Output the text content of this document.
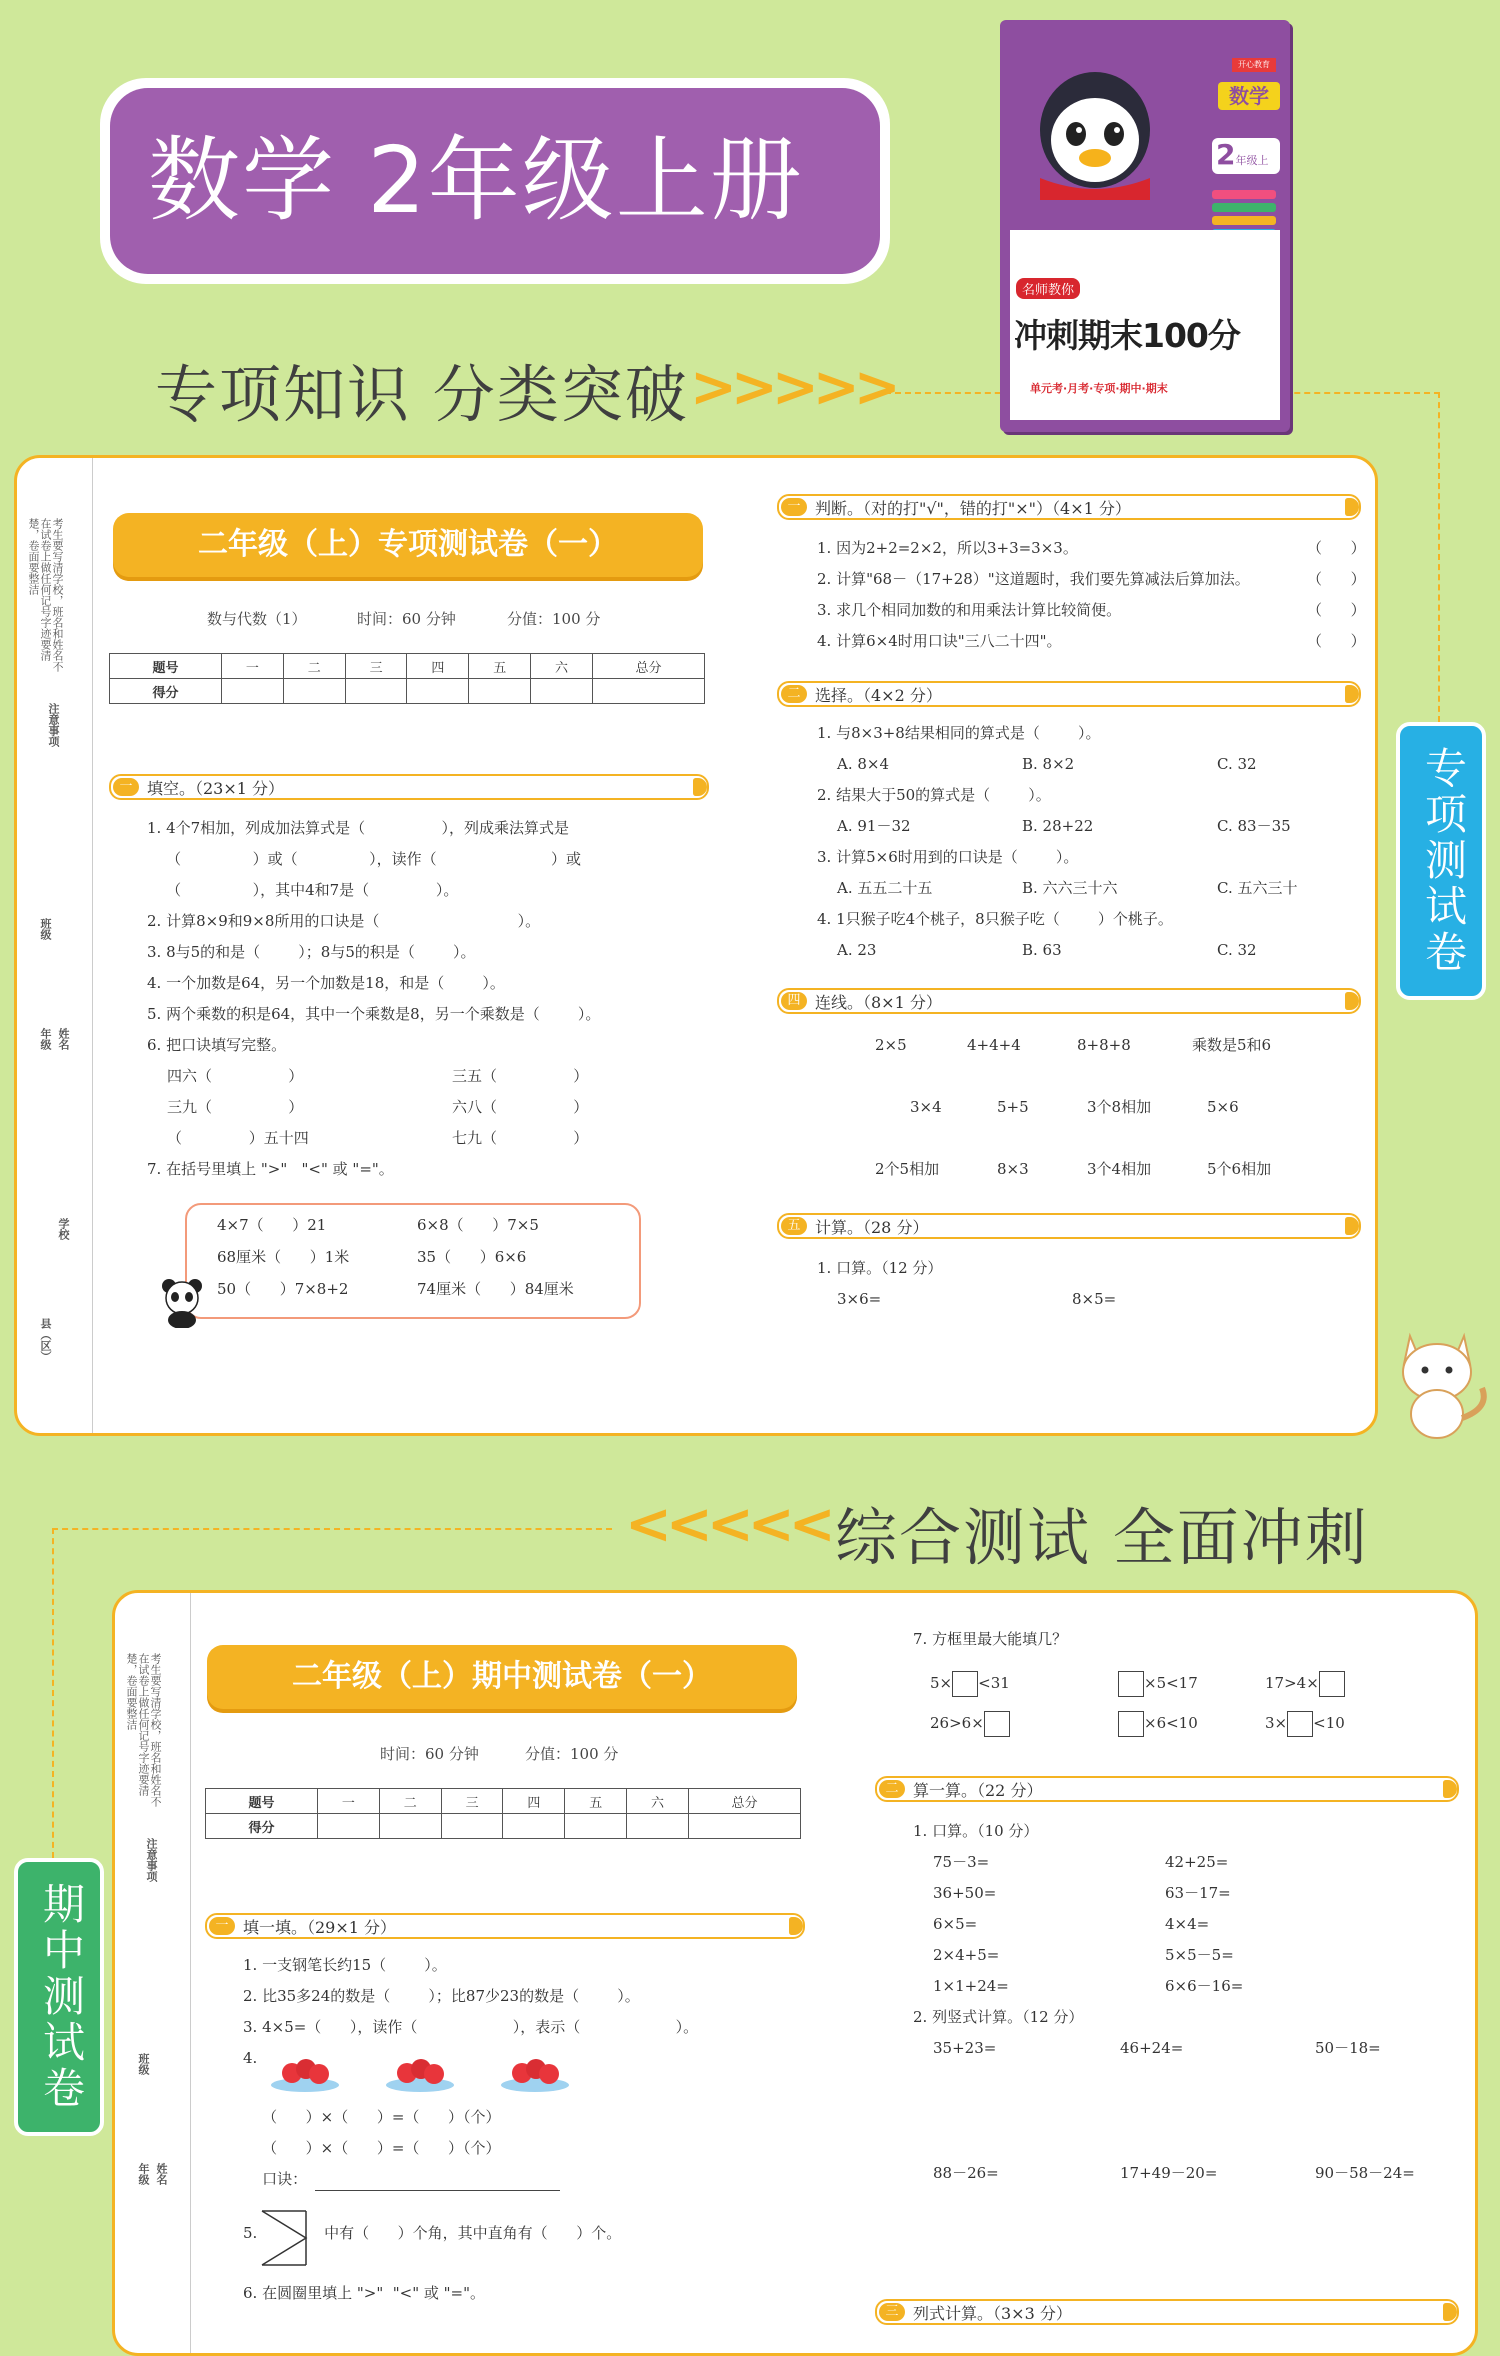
数学 2年级上册
专项知识 分类突破 >>>>>
开心教育
数学
2年级上
名师教你
冲刺期末100分
单元考·月考·专项·期中·期末
考生要写清学校，班名和姓名不在试卷上做任何记号字迹要清楚，卷面要整洁
注意事项
班级
年级 姓名
学校
县（区）
二年级（上）专项测试卷（一）
数与代数（1）	时间：60 分钟	分值：100 分
题号	一	二	三	四	五	六	总分
得分							
一 填空。（23×1 分）
1. 4个7相加，列成加法算式是（                ），列成乘法算式是
（               ）或（               ），读作（                        ）或
（               ），其中4和7是（              ）。
2. 计算8×9和9×8所用的口诀是（                             ）。
3. 8与5的和是（        ）；8与5的积是（        ）。
4. 一个加数是64，另一个加数是18，和是（        ）。
5. 两个乘数的积是64，其中一个乘数是8，另一个乘数是（        ）。
6. 把口诀填写完整。
四六（                ）	三五（                ）
三九（                ）	六八（                ）
（              ）五十四	七九（                ）
7. 在括号里填上 ">"   "<" 或 "="。
4×7（      ）21	6×8（      ）7×5
68厘米（      ）1米	35（      ）6×6
50（      ）7×8+2	74厘米（      ）84厘米
一 判断。（对的打"√"，错的打"×"）（4×1 分）
1. 因为2+2=2×2，所以3+3=3×3。	（      ）
2. 计算"68－（17+28）"这道题时，我们要先算减法后算加法。	（      ）
3. 求几个相同加数的和用乘法计算比较简便。	（      ）
4. 计算6×4时用口诀"三八二十四"。	（      ）
二 选择。（4×2 分）
1. 与8×3+8结果相同的算式是（        ）。
A. 8×4	B. 8×2	C. 32
2. 结果大于50的算式是（        ）。
A. 91－32	B. 28+22	C. 83－35
3. 计算5×6时用到的口诀是（        ）。
A. 五五二十五	B. 六六三十六	C. 五六三十
4. 1只猴子吃4个桃子，8只猴子吃（        ）个桃子。
A. 23	B. 63	C. 32
四 连线。（8×1 分）
2×5	4+4+4	8+8+8	乘数是5和6
3×4	5+5	3个8相加	5×6
2个5相加	8×3	3个4相加	5个6相加
五 计算。（28 分）
1. 口算。（12 分）
3×6=	8×5=
专项测试卷
<<<<< 综合测试 全面冲刺
考生要写清学校，班名和姓名不在试卷上做任何记号字迹要清楚，卷面要整洁
注意事项
班级
年级 姓名
二年级（上）期中测试卷（一）
时间：60 分钟	分值：100 分
题号	一	二	三	四	五	六	总分
得分							
一 填一填。（29×1 分）
1. 一支钢笔长约15（        ）。
2. 比35多24的数是（        ）；比87少23的数是（        ）。
3. 4×5=（      ），读作（                    ），表示（                    ）。
4.
（      ）×（      ）=（      ）（个）
（      ）×（      ）=（      ）（个）
口诀：
5.              中有（      ）个角，其中直角有（      ）个。
6. 在圆圈里填上 ">"  "<" 或 "="。
7. 方框里最大能填几？
5× <31	×5<17	17>4×
26>6×	×6<10	3× <10
二 算一算。（22 分）
1. 口算。（10 分）
75－3=	42+25=
36+50=	63－17=
6×5=	4×4=
2×4+5=	5×5－5=
1×1+24=	6×6－16=
2. 列竖式计算。（12 分）
35+23=	46+24=	50－18=
88－26=	17+49－20=	90－58－24=
三 列式计算。（3×3 分）
期中测试卷
